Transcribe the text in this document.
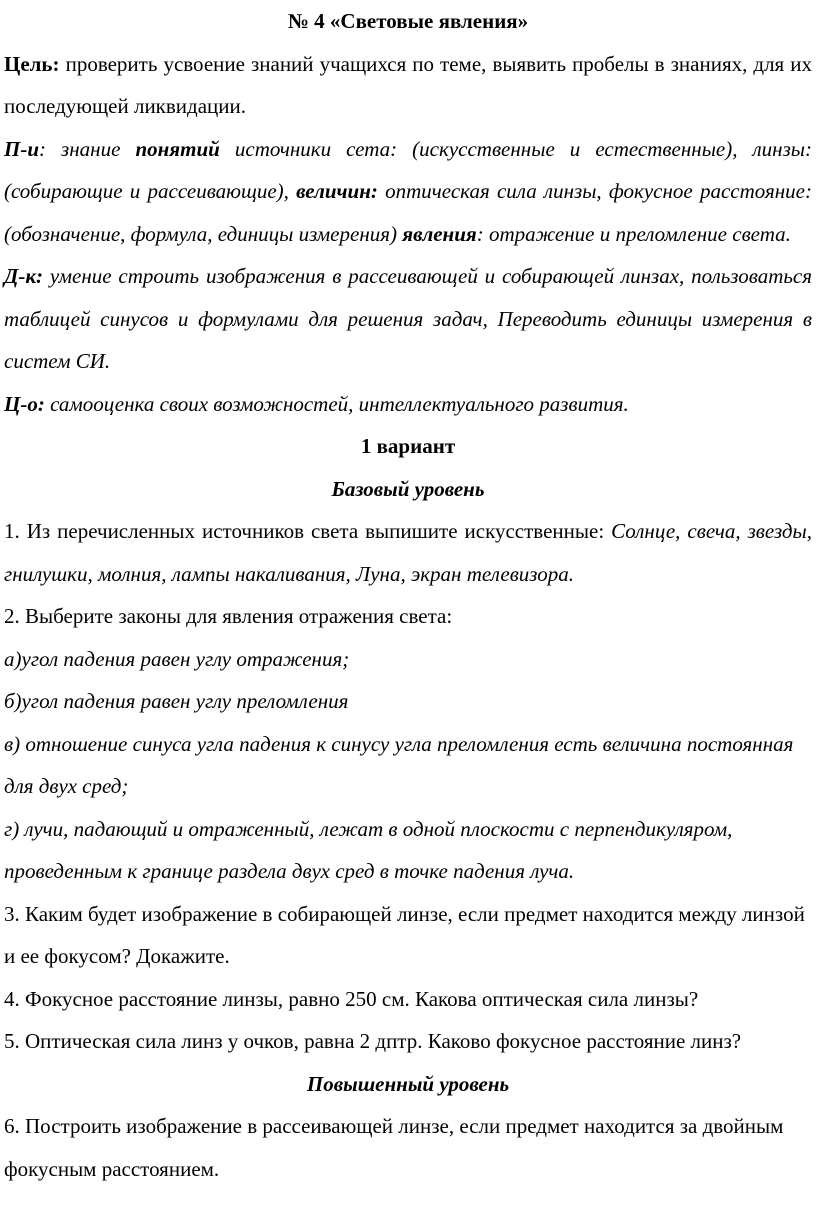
№ 4 «Световые явления»

Цель: проверить усвоение знаний учащихся по теме, выявить пробелы в знаниях, для их последующей ликвидации.

П-и: знание понятий источники сета: (искусственные и естественные), линзы: (собирающие и рассеивающие), величин: оптическая сила линзы, фокусное расстояние: (обозначение, формула, единицы измерения) явления: отражение и преломление света.

Д-к: умение строить изображения в рассеивающей и собирающей линзах, пользоваться таблицей синусов и формулами для решения задач, Переводить единицы измерения в систем СИ.

Ц-о: самооценка своих возможностей, интеллектуального развития.

1 вариант

Базовый уровень

1. Из перечисленных источников света выпишите искусственные: Солнце, свеча, звезды, гнилушки, молния, лампы накаливания, Луна, экран телевизора.

2. Выберите законы для явления отражения света:

а)угол падения равен углу отражения;

б)угол падения равен углу преломления

в) отношение синуса угла падения к синусу угла преломления есть величина постоянная для двух сред;

г) лучи, падающий и отраженный, лежат в одной плоскости с перпендикуляром, проведенным к границе раздела двух сред в точке падения луча.

3. Каким будет изображение в собирающей линзе, если предмет находится между линзой и ее фокусом? Докажите.

4. Фокусное расстояние линзы, равно 250 см. Какова оптическая сила линзы?

5. Оптическая сила линз у очков, равна 2 дптр. Каково фокусное расстояние линз?

Повышенный уровень

6. Построить изображение в рассеивающей линзе, если предмет находится за двойным фокусным расстоянием.
